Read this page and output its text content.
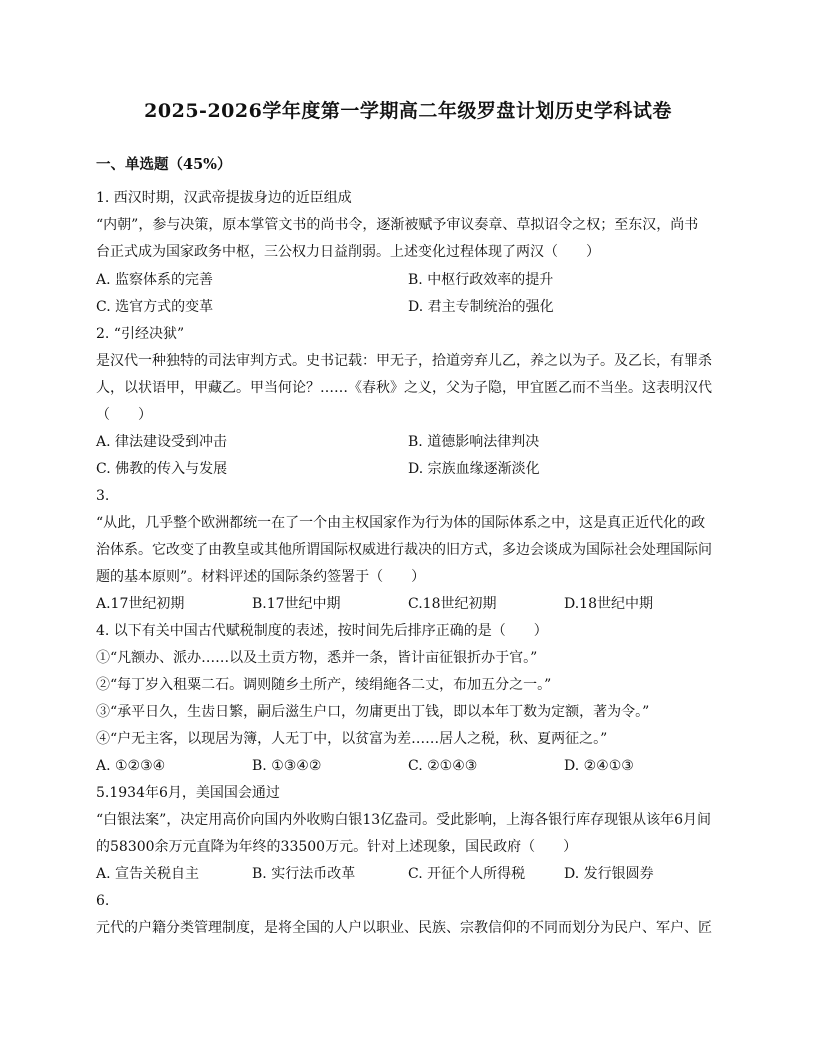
2025-2026学年度第一学期高二年级罗盘计划历史学科试卷
一、单选题（45%）
1. 西汉时期，汉武帝提拔身边的近臣组成
“内朝”，参与决策，原本掌管文书的尚书令，逐渐被赋予审议奏章、草拟诏令之权；至东汉，尚书
台正式成为国家政务中枢，三公权力日益削弱。上述变化过程体现了两汉（　　）
A. 监察体系的完善	B. 中枢行政效率的提升
C. 选官方式的变革	D. 君主专制统治的强化
2. “引经决狱”
是汉代一种独特的司法审判方式。史书记载：甲无子，拾道旁弃儿乙，养之以为子。及乙长，有罪杀
人，以状语甲，甲藏乙。甲当何论？……《春秋》之义，父为子隐，甲宜匿乙而不当坐。这表明汉代
（　　）
A. 律法建设受到冲击	B. 道德影响法律判决
C. 佛教的传入与发展	D. 宗族血缘逐渐淡化
3.
“从此，几乎整个欧洲都统一在了一个由主权国家作为行为体的国际体系之中，这是真正近代化的政
治体系。它改变了由教皇或其他所谓国际权威进行裁决的旧方式，多边会谈成为国际社会处理国际问
题的基本原则”。材料评述的国际条约签署于（　　）
A.17世纪初期	B.17世纪中期	C.18世纪初期	D.18世纪中期
4. 以下有关中国古代赋税制度的表述，按时间先后排序正确的是（　　）
①“凡额办、派办……以及土贡方物，悉并一条，皆计亩征银折办于官。”
②“每丁岁入租粟二石。调则随乡土所产，绫绢絁各二丈，布加五分之一。”
③“承平日久，生齿日繁，嗣后滋生户口，勿庸更出丁钱，即以本年丁数为定额，著为令。”
④“户无主客，以现居为簿，人无丁中，以贫富为差……居人之税，秋、夏两征之。”
A. ①②③④	B. ①③④②	C. ②①④③	D. ②④①③
5.1934年6月，美国国会通过
“白银法案”，决定用高价向国内外收购白银13亿盎司。受此影响，上海各银行库存现银从该年6月间
的58300余万元直降为年终的33500万元。针对上述现象，国民政府（　　）
A. 宣告关税自主	B. 实行法币改革	C. 开征个人所得税	D. 发行银圆券
6.
元代的户籍分类管理制度，是将全国的人户以职业、民族、宗教信仰的不同而划分为民户、军户、匠
